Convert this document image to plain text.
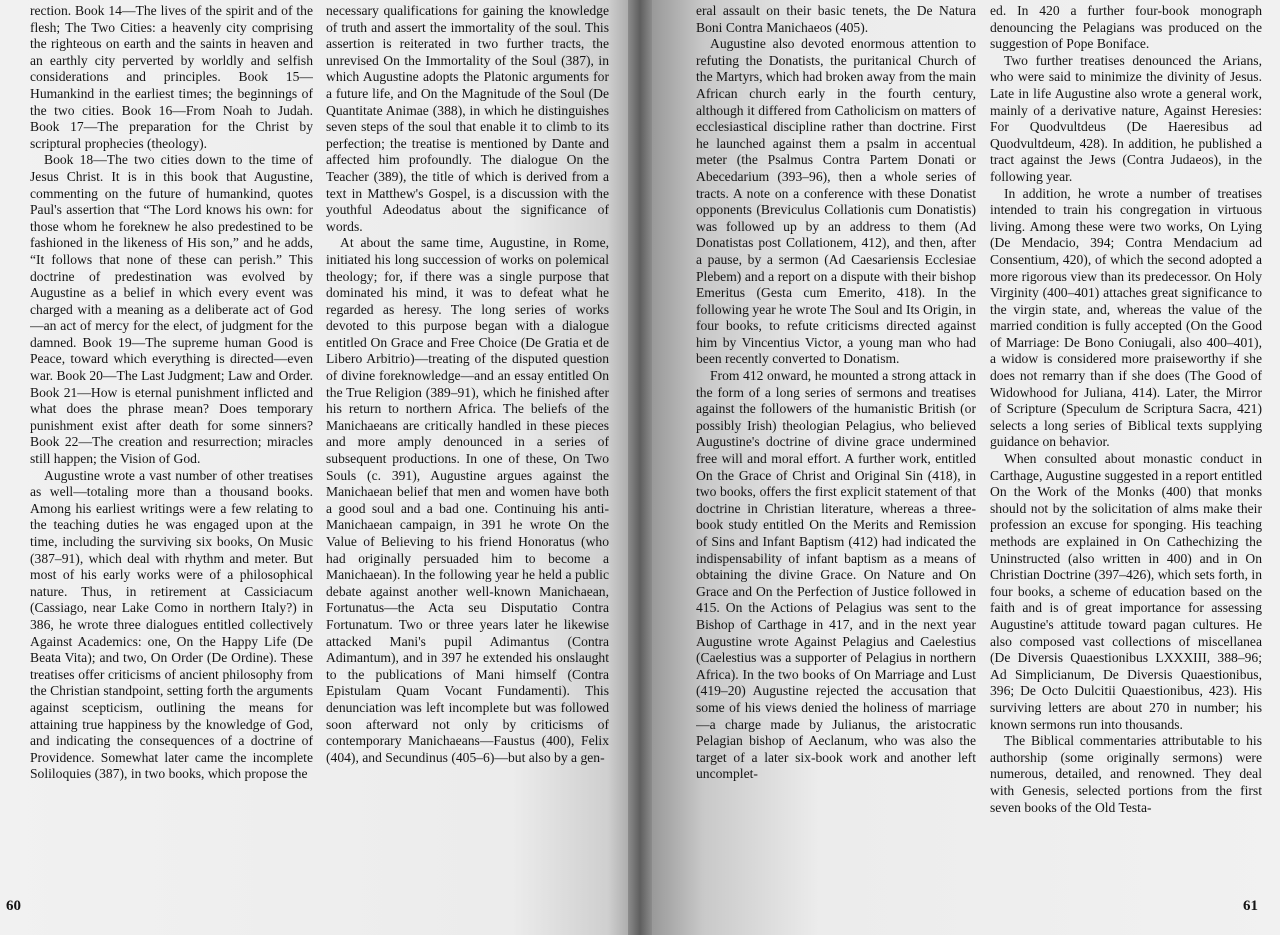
rection. Book 14—The lives of the spirit and of the flesh; The Two Cities: a heavenly city comprising the righteous on earth and the saints in heaven and an earthly city perverted by worldly and selfish considerations and principles. Book 15—Humankind in the earliest times; the beginnings of the two cities. Book 16—From Noah to Judah. Book 17—The preparation for the Christ by scriptural prophecies (theology).

Book 18—The two cities down to the time of Jesus Christ. It is in this book that Augustine, commenting on the future of humankind, quotes Paul's assertion that “The Lord knows his own: for those whom he foreknew he also predestined to be fashioned in the likeness of His son,” and he adds, “It follows that none of these can perish.” This doctrine of predestination was evolved by Augustine as a belief in which every event was charged with a meaning as a deliberate act of God—an act of mercy for the elect, of judgment for the damned. Book 19—The supreme human Good is Peace, toward which everything is directed—even war. Book 20—The Last Judgment; Law and Order. Book 21—How is eternal punishment inflicted and what does the phrase mean? Does temporary punishment exist after death for some sinners? Book 22—The creation and resurrection; miracles still happen; the Vision of God.

Augustine wrote a vast number of other treatises as well—totaling more than a thousand books. Among his earliest writings were a few relating to the teaching duties he was engaged upon at the time, including the surviving six books, On Music (387–91), which deal with rhythm and meter. But most of his early works were of a philosophical nature. Thus, in retirement at Cassiciacum (Cassiago, near Lake Como in northern Italy?) in 386, he wrote three dialogues entitled collectively Against Academics: one, On the Happy Life (De Beata Vita); and two, On Order (De Ordine). These treatises offer criticisms of ancient philosophy from the Christian standpoint, setting forth the arguments against scepticism, outlining the means for attaining true happiness by the knowledge of God, and indicating the consequences of a doctrine of Providence. Somewhat later came the incomplete Soliloquies (387), in two books, which propose the

necessary qualifications for gaining the knowledge of truth and assert the immortality of the soul. This assertion is reiterated in two further tracts, the unrevised On the Immortality of the Soul (387), in which Augustine adopts the Platonic arguments for a future life, and On the Magnitude of the Soul (De Quantitate Animae (388), in which he distinguishes seven steps of the soul that enable it to climb to its perfection; the treatise is mentioned by Dante and affected him profoundly. The dialogue On the Teacher (389), the title of which is derived from a text in Matthew's Gospel, is a discussion with the youthful Adeodatus about the significance of words.

At about the same time, Augustine, in Rome, initiated his long succession of works on polemical theology; for, if there was a single purpose that dominated his mind, it was to defeat what he regarded as heresy. The long series of works devoted to this purpose began with a dialogue entitled On Grace and Free Choice (De Gratia et de Libero Arbitrio)—treating of the disputed question of divine foreknowledge—and an essay entitled On the True Religion (389–91), which he finished after his return to northern Africa. The beliefs of the Manichaeans are critically handled in these pieces and more amply denounced in a series of subsequent productions. In one of these, On Two Souls (c. 391), Augustine argues against the Manichaean belief that men and women have both a good soul and a bad one. Continuing his anti-Manichaean campaign, in 391 he wrote On the Value of Believing to his friend Honoratus (who had originally persuaded him to become a Manichaean). In the following year he held a public debate against another well-known Manichaean, Fortunatus—the Acta seu Disputatio Contra Fortunatum. Two or three years later he likewise attacked Mani's pupil Adimantus (Contra Adimantum), and in 397 he extended his onslaught to the publications of Mani himself (Contra Epistulam Quam Vocant Fundamenti). This denunciation was left incomplete but was followed soon afterward not only by criticisms of contemporary Manichaeans—Faustus (400), Felix (404), and Secundinus (405–6)—but also by a gen-

60

eral assault on their basic tenets, the De Natura Boni Contra Manichaeos (405).

Augustine also devoted enormous attention to refuting the Donatists, the puritanical Church of the Martyrs, which had broken away from the main African church early in the fourth century, although it differed from Catholicism on matters of ecclesiastical discipline rather than doctrine. First he launched against them a psalm in accentual meter (the Psalmus Contra Partem Donati or Abecedarium (393–96), then a whole series of tracts. A note on a conference with these Donatist opponents (Breviculus Collationis cum Donatistis) was followed up by an address to them (Ad Donatistas post Collationem, 412), and then, after a pause, by a sermon (Ad Caesariensis Ecclesiae Plebem) and a report on a dispute with their bishop Emeritus (Gesta cum Emerito, 418). In the following year he wrote The Soul and Its Origin, in four books, to refute criticisms directed against him by Vincentius Victor, a young man who had been recently converted to Donatism.

From 412 onward, he mounted a strong attack in the form of a long series of sermons and treatises against the followers of the humanistic British (or possibly Irish) theologian Pelagius, who believed Augustine's doctrine of divine grace undermined free will and moral effort. A further work, entitled On the Grace of Christ and Original Sin (418), in two books, offers the first explicit statement of that doctrine in Christian literature, whereas a three-book study entitled On the Merits and Remission of Sins and Infant Baptism (412) had indicated the indispensability of infant baptism as a means of obtaining the divine Grace. On Nature and On Grace and On the Perfection of Justice followed in 415. On the Actions of Pelagius was sent to the Bishop of Carthage in 417, and in the next year Augustine wrote Against Pelagius and Caelestius (Caelestius was a supporter of Pelagius in northern Africa). In the two books of On Marriage and Lust (419–20) Augustine rejected the accusation that some of his views denied the holiness of marriage—a charge made by Julianus, the aristocratic Pelagian bishop of Aeclanum, who was also the target of a later six-book work and another left uncomplet-

ed. In 420 a further four-book monograph denouncing the Pelagians was produced on the suggestion of Pope Boniface.

Two further treatises denounced the Arians, who were said to minimize the divinity of Jesus. Late in life Augustine also wrote a general work, mainly of a derivative nature, Against Heresies: For Quodvultdeus (De Haeresibus ad Quodvultdeum, 428). In addition, he published a tract against the Jews (Contra Judaeos), in the following year.

In addition, he wrote a number of treatises intended to train his congregation in virtuous living. Among these were two works, On Lying (De Mendacio, 394; Contra Mendacium ad Consentium, 420), of which the second adopted a more rigorous view than its predecessor. On Holy Virginity (400–401) attaches great significance to the virgin state, and, whereas the value of the married condition is fully accepted (On the Good of Marriage: De Bono Coniugali, also 400–401), a widow is considered more praiseworthy if she does not remarry than if she does (The Good of Widowhood for Juliana, 414). Later, the Mirror of Scripture (Speculum de Scriptura Sacra, 421) selects a long series of Biblical texts supplying guidance on behavior.

When consulted about monastic conduct in Carthage, Augustine suggested in a report entitled On the Work of the Monks (400) that monks should not by the solicitation of alms make their profession an excuse for sponging. His teaching methods are explained in On Cathechizing the Uninstructed (also written in 400) and in On Christian Doctrine (397–426), which sets forth, in four books, a scheme of education based on the faith and is of great importance for assessing Augustine's attitude toward pagan cultures. He also composed vast collections of miscellanea (De Diversis Quaestionibus LXXXIII, 388–96; Ad Simplicianum, De Diversis Quaestionibus, 396; De Octo Dulcitii Quaestionibus, 423). His surviving letters are about 270 in number; his known sermons run into thousands.

The Biblical commentaries attributable to his authorship (some originally sermons) were numerous, detailed, and renowned. They deal with Genesis, selected portions from the first seven books of the Old Testa-

61
